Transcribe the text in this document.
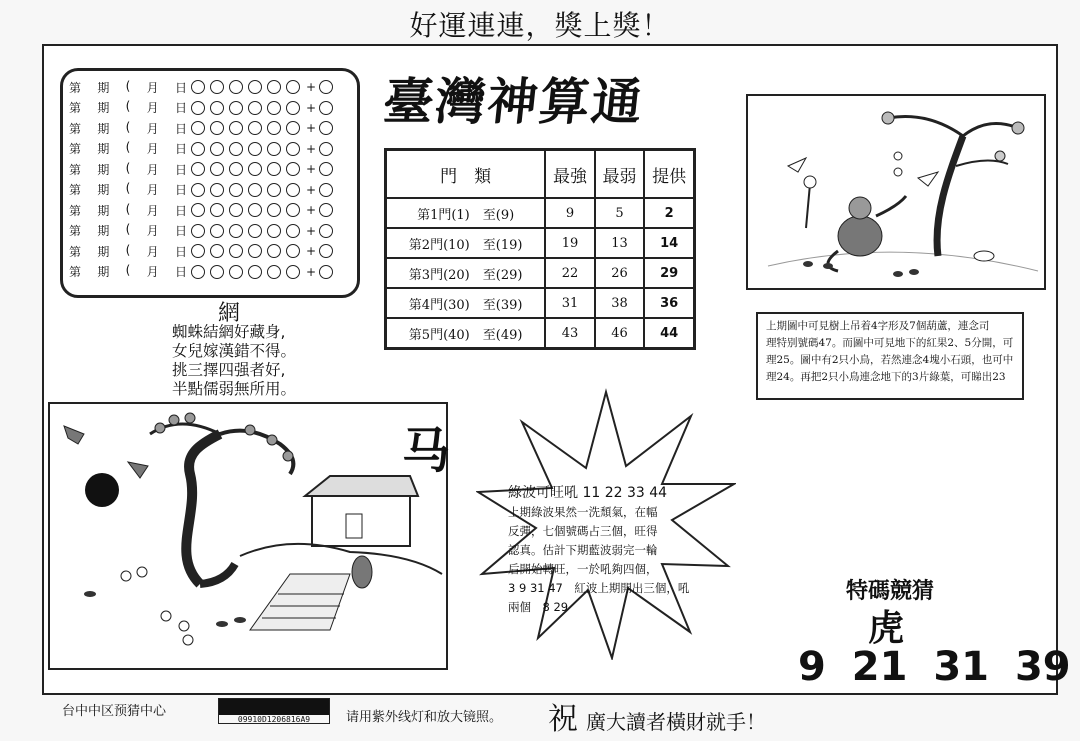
好運連連，獎上獎！
第 期 ( 月 日	+
第 期 ( 月 日	+
第 期 ( 月 日	+
第 期 ( 月 日	+
第 期 ( 月 日	+
第 期 ( 月 日	+
第 期 ( 月 日	+
第 期 ( 月 日	+
第 期 ( 月 日	+
第 期 ( 月 日	+
臺灣神算通
門　類	最強	最弱	提供
第1門(1)　至(9)	9	5	2
第2門(10)　至(19)	19	13	14
第3門(20)　至(29)	22	26	29
第4門(30)　至(39)	31	38	36
第5門(40)　至(49)	43	46	44
網
蜘蛛結網好藏身,
女兒嫁漢錯不得。
挑三擇四强者好,
半點儒弱無所用。
上期圖中可見樹上吊着4字形及7個葫蘆，連念司
理特别號碼47。而圖中可見地下的紅果2、5分開，可
理25。圖中有2只小鳥，若然連念4塊小石頭，也可中
理24。再把2只小鳥連念地下的3片綠葉，可睇出23
马
綠波可旺吼 11 22 33 44
上期綠波果然一洗頹氣，在幅
反彈，七個號碼占三個，旺得
認真。估計下期藍波弱完一輪
后開始轉旺，一於吼夠四個，
3 9 31 47　紅波上期開出三個，吼
兩個　8 29
特碼競猜
虎
9 21 31 39
台中中区预猜中心
09910D1206816A9	请用紫外线灯和放大镜照。 祝 廣大讀者橫財就手！
